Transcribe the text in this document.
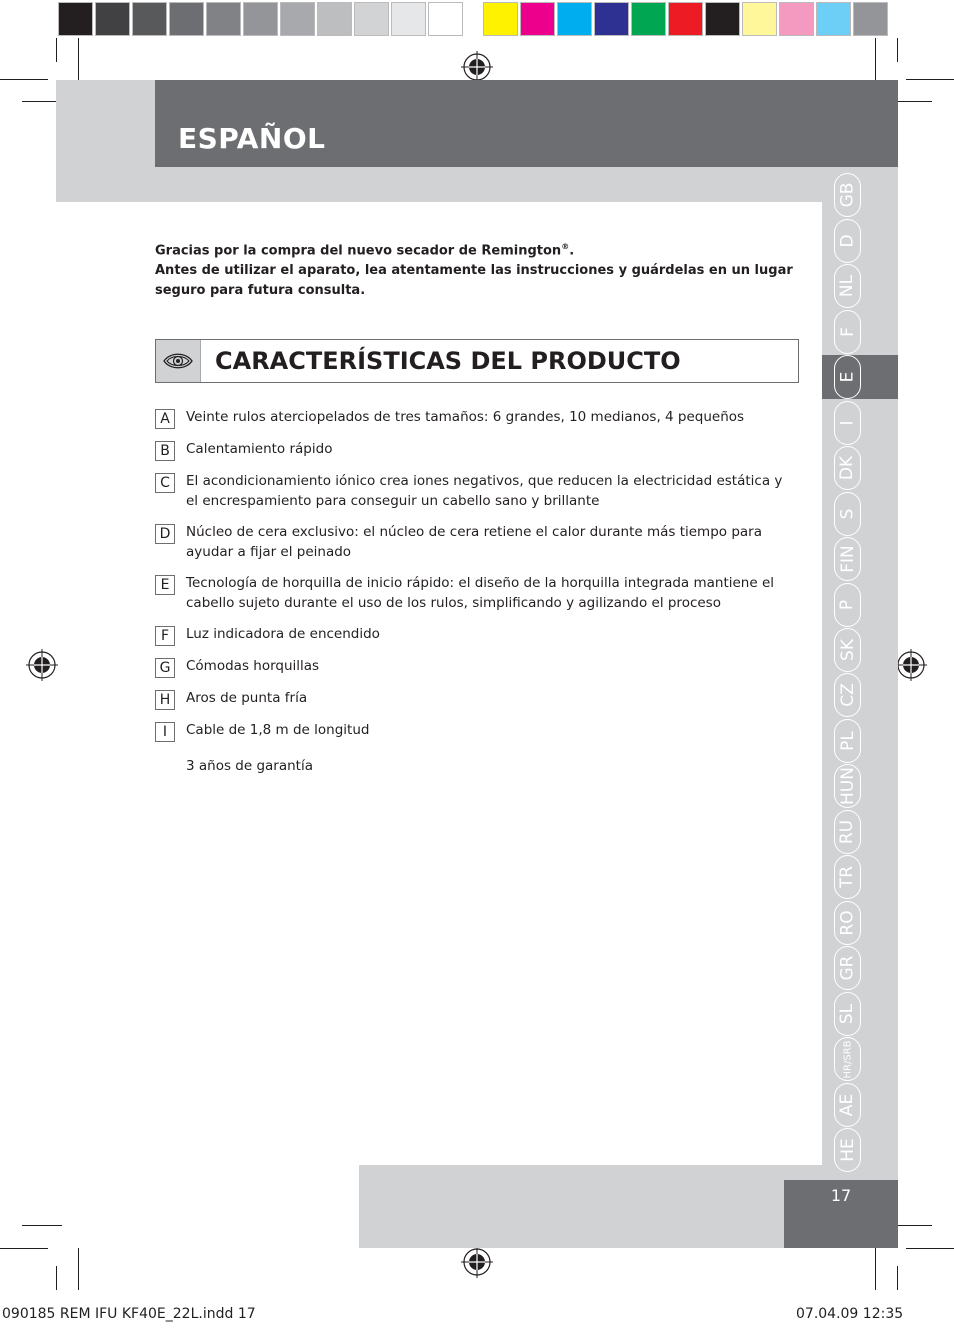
ESPAÑOL
GB
D
NL
F
E
I
DK
S
FIN
P
SK
CZ
PL
HUN
RU
TR
RO
GR
SL
HR/SRB
AE
HE

Gracias por la compra del nuevo secador de Remington®.

Antes de utilizar el aparato, lea atentamente las instrucciones y guárdelas en un lugar seguro para futura consulta.

CARACTERÍSTICAS DEL PRODUCTO
A	Veinte rulos aterciopelados de tres tamaños: 6 grandes, 10 medianos, 4 pequeños
B	Calentamiento rápido
C	El acondicionamiento iónico crea iones negativos, que reducen la electricidad estática y el encrespamiento para conseguir un cabello sano y brillante
D	Núcleo de cera exclusivo: el núcleo de cera retiene el calor durante más tiempo para ayudar a fijar el peinado
E	Tecnología de horquilla de inicio rápido: el diseño de la horquilla integrada mantiene el cabello sujeto durante el uso de los rulos, simplificando y agilizando el proceso
F	Luz indicadora de encendido
G	Cómodas horquillas
H	Aros de punta fría
I	Cable de 1,8 m de longitud
3 años de garantía
17
090185 REM IFU KF40E_22L.indd 17	07.04.09 12:35
